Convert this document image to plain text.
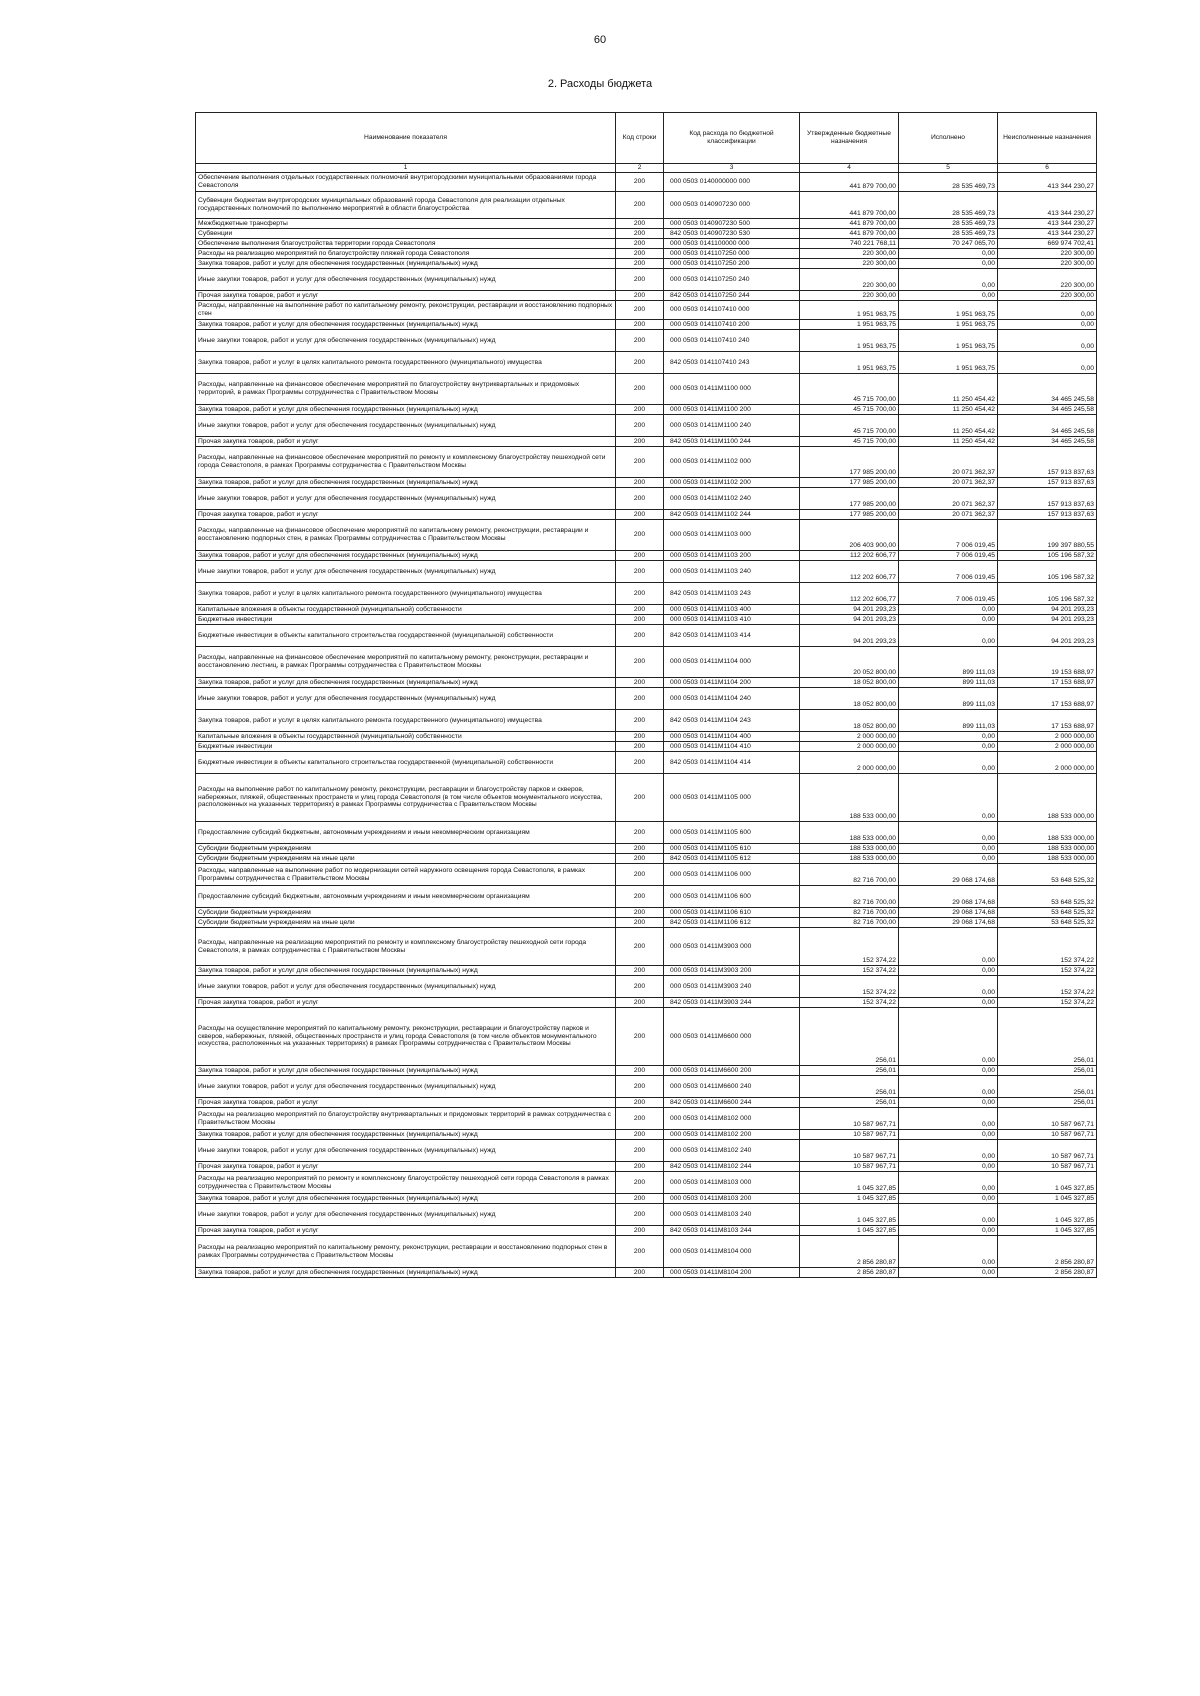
60
2. Расходы бюджета
Наименование показателя	Код строки	Код расхода по бюджетной классификации	Утвержденные бюджетные назначения	Исполнено	Неисполненные назначения
1	2	3	4	5	6
Обеспечение выполнения отдельных государственных полномочий внутригородскими муниципальными образованиями города Севастополя	200	000 0503 0140000000 000	441 879 700,00	28 535 469,73	413 344 230,27
Субвенции бюджетам внутригородских муниципальных образований города Севастополя для реализации отдельных государственных полномочий по выполнению мероприятий в области благоустройства	200	000 0503 0140907230 000	441 879 700,00	28 535 469,73	413 344 230,27
Межбюджетные трансферты	200	000 0503 0140907230 500	441 879 700,00	28 535 469,73	413 344 230,27
Субвенции	200	842 0503 0140907230 530	441 879 700,00	28 535 469,73	413 344 230,27
Обеспечение выполнения благоустройства территории города Севастополя	200	000 0503 0141100000 000	740 221 768,11	70 247 065,70	669 974 702,41
Расходы на реализацию мероприятий по благоустройству пляжей города Севастополя	200	000 0503 0141107250 000	220 300,00	0,00	220 300,00
Закупка товаров, работ и услуг для обеспечения государственных (муниципальных) нужд	200	000 0503 0141107250 200	220 300,00	0,00	220 300,00
Иные закупки товаров, работ и услуг для обеспечения государственных (муниципальных) нужд	200	000 0503 0141107250 240	220 300,00	0,00	220 300,00
Прочая закупка товаров, работ и услуг	200	842 0503 0141107250 244	220 300,00	0,00	220 300,00
Расходы, направленные на выполнение работ по капитальному ремонту, реконструкции, реставрации и восстановлению подпорных стен	200	000 0503 0141107410 000	1 951 963,75	1 951 963,75	0,00
Закупка товаров, работ и услуг для обеспечения государственных (муниципальных) нужд	200	000 0503 0141107410 200	1 951 963,75	1 951 963,75	0,00
Иные закупки товаров, работ и услуг для обеспечения государственных (муниципальных) нужд	200	000 0503 0141107410 240	1 951 963,75	1 951 963,75	0,00
Закупка товаров, работ и услуг в целях капитального ремонта государственного (муниципального) имущества	200	842 0503 0141107410 243	1 951 963,75	1 951 963,75	0,00
Расходы, направленные на финансовое обеспечение мероприятий по благоустройству внутриквартальных и придомовых территорий, в рамках Программы сотрудничества с Правительством Москвы	200	000 0503 01411М1100 000	45 715 700,00	11 250 454,42	34 465 245,58
Закупка товаров, работ и услуг для обеспечения государственных (муниципальных) нужд	200	000 0503 01411М1100 200	45 715 700,00	11 250 454,42	34 465 245,58
Иные закупки товаров, работ и услуг для обеспечения государственных (муниципальных) нужд	200	000 0503 01411М1100 240	45 715 700,00	11 250 454,42	34 465 245,58
Прочая закупка товаров, работ и услуг	200	842 0503 01411М1100 244	45 715 700,00	11 250 454,42	34 465 245,58
Расходы, направленные на финансовое обеспечение мероприятий по ремонту и комплексному благоустройству пешеходной сети города Севастополя, в рамках Программы сотрудничества с Правительством Москвы	200	000 0503 01411М1102 000	177 985 200,00	20 071 362,37	157 913 837,63
Закупка товаров, работ и услуг для обеспечения государственных (муниципальных) нужд	200	000 0503 01411М1102 200	177 985 200,00	20 071 362,37	157 913 837,63
Иные закупки товаров, работ и услуг для обеспечения государственных (муниципальных) нужд	200	000 0503 01411М1102 240	177 985 200,00	20 071 362,37	157 913 837,63
Прочая закупка товаров, работ и услуг	200	842 0503 01411М1102 244	177 985 200,00	20 071 362,37	157 913 837,63
Расходы, направленные на финансовое обеспечение мероприятий по капитальному ремонту, реконструкции, реставрации и восстановлению подпорных стен, в рамках Программы сотрудничества с Правительством Москвы	200	000 0503 01411М1103 000	206 403 900,00	7 006 019,45	199 397 880,55
Закупка товаров, работ и услуг для обеспечения государственных (муниципальных) нужд	200	000 0503 01411М1103 200	112 202 606,77	7 006 019,45	105 196 587,32
Иные закупки товаров, работ и услуг для обеспечения государственных (муниципальных) нужд	200	000 0503 01411М1103 240	112 202 606,77	7 006 019,45	105 196 587,32
Закупка товаров, работ и услуг в целях капитального ремонта государственного (муниципального) имущества	200	842 0503 01411М1103 243	112 202 606,77	7 006 019,45	105 196 587,32
Капитальные вложения в объекты государственной (муниципальной) собственности	200	000 0503 01411М1103 400	94 201 293,23	0,00	94 201 293,23
Бюджетные инвестиции	200	000 0503 01411М1103 410	94 201 293,23	0,00	94 201 293,23
Бюджетные инвестиции в объекты капитального строительства государственной (муниципальной) собственности	200	842 0503 01411М1103 414	94 201 293,23	0,00	94 201 293,23
Расходы, направленные на финансовое обеспечение мероприятий по капитальному ремонту, реконструкции, реставрации и восстановлению лестниц, в рамках Программы сотрудничества с Правительством Москвы	200	000 0503 01411М1104 000	20 052 800,00	899 111,03	19 153 688,97
Закупка товаров, работ и услуг для обеспечения государственных (муниципальных) нужд	200	000 0503 01411М1104 200	18 052 800,00	899 111,03	17 153 688,97
Иные закупки товаров, работ и услуг для обеспечения государственных (муниципальных) нужд	200	000 0503 01411М1104 240	18 052 800,00	899 111,03	17 153 688,97
Закупка товаров, работ и услуг в целях капитального ремонта государственного (муниципального) имущества	200	842 0503 01411М1104 243	18 052 800,00	899 111,03	17 153 688,97
Капитальные вложения в объекты государственной (муниципальной) собственности	200	000 0503 01411М1104 400	2 000 000,00	0,00	2 000 000,00
Бюджетные инвестиции	200	000 0503 01411М1104 410	2 000 000,00	0,00	2 000 000,00
Бюджетные инвестиции в объекты капитального строительства государственной (муниципальной) собственности	200	842 0503 01411М1104 414	2 000 000,00	0,00	2 000 000,00
Расходы на выполнение работ по капитальному ремонту, реконструкции, реставрации и благоустройству парков и скверов, набережных, пляжей, общественных пространств и улиц города Севастополя (в том числе объектов монументального искусства, расположенных на указанных территориях) в рамках Программы сотрудничества с Правительством Москвы	200	000 0503 01411М1105 000	188 533 000,00	0,00	188 533 000,00
Предоставление субсидий бюджетным, автономным учреждениям и иным некоммерческим организациям	200	000 0503 01411М1105 600	188 533 000,00	0,00	188 533 000,00
Субсидии бюджетным учреждениям	200	000 0503 01411М1105 610	188 533 000,00	0,00	188 533 000,00
Субсидии бюджетным учреждениям на иные цели	200	842 0503 01411М1105 612	188 533 000,00	0,00	188 533 000,00
Расходы, направленные на выполнение работ по модернизации сетей наружного освещения города Севастополя, в рамках Программы сотрудничества с Правительством Москвы	200	000 0503 01411М1106 000	82 716 700,00	29 068 174,68	53 648 525,32
Предоставление субсидий бюджетным, автономным учреждениям и иным некоммерческим организациям	200	000 0503 01411М1106 600	82 716 700,00	29 068 174,68	53 648 525,32
Субсидии бюджетным учреждениям	200	000 0503 01411М1106 610	82 716 700,00	29 068 174,68	53 648 525,32
Субсидии бюджетным учреждениям на иные цели	200	842 0503 01411М1106 612	82 716 700,00	29 068 174,68	53 648 525,32
Расходы, направленные на реализацию мероприятий по ремонту и комплексному благоустройству пешеходной сети города Севастополя, в рамках сотрудничества с Правительством Москвы	200	000 0503 01411М3903 000	152 374,22	0,00	152 374,22
Закупка товаров, работ и услуг для обеспечения государственных (муниципальных) нужд	200	000 0503 01411М3903 200	152 374,22	0,00	152 374,22
Иные закупки товаров, работ и услуг для обеспечения государственных (муниципальных) нужд	200	000 0503 01411М3903 240	152 374,22	0,00	152 374,22
Прочая закупка товаров, работ и услуг	200	842 0503 01411М3903 244	152 374,22	0,00	152 374,22
Расходы на осуществление мероприятий по капитальному ремонту, реконструкции, реставрации и благоустройству парков и скверов, набережных, пляжей, общественных пространств и улиц города Севастополя (в том числе объектов монументального искусства, расположенных на указанных территориях) в рамках Программы сотрудничества с Правительством Москвы	200	000 0503 01411М6600 000	256,01	0,00	256,01
Закупка товаров, работ и услуг для обеспечения государственных (муниципальных) нужд	200	000 0503 01411М6600 200	256,01	0,00	256,01
Иные закупки товаров, работ и услуг для обеспечения государственных (муниципальных) нужд	200	000 0503 01411М6600 240	256,01	0,00	256,01
Прочая закупка товаров, работ и услуг	200	842 0503 01411М6600 244	256,01	0,00	256,01
Расходы на реализацию мероприятий по благоустройству внутриквартальных и придомовых территорий в рамках сотрудничества с Правительством Москвы	200	000 0503 01411М8102 000	10 587 967,71	0,00	10 587 967,71
Закупка товаров, работ и услуг для обеспечения государственных (муниципальных) нужд	200	000 0503 01411М8102 200	10 587 967,71	0,00	10 587 967,71
Иные закупки товаров, работ и услуг для обеспечения государственных (муниципальных) нужд	200	000 0503 01411М8102 240	10 587 967,71	0,00	10 587 967,71
Прочая закупка товаров, работ и услуг	200	842 0503 01411М8102 244	10 587 967,71	0,00	10 587 967,71
Расходы на реализацию мероприятий по ремонту и комплексному благоустройству пешеходной сети города Севастополя в рамках сотрудничества с Правительством Москвы	200	000 0503 01411М8103 000	1 045 327,85	0,00	1 045 327,85
Закупка товаров, работ и услуг для обеспечения государственных (муниципальных) нужд	200	000 0503 01411М8103 200	1 045 327,85	0,00	1 045 327,85
Иные закупки товаров, работ и услуг для обеспечения государственных (муниципальных) нужд	200	000 0503 01411М8103 240	1 045 327,85	0,00	1 045 327,85
Прочая закупка товаров, работ и услуг	200	842 0503 01411М8103 244	1 045 327,85	0,00	1 045 327,85
Расходы на реализацию мероприятий по капитальному ремонту, реконструкции, реставрации и восстановлению подпорных стен в рамках Программы сотрудничества с Правительством Москвы	200	000 0503 01411М8104 000	2 856 280,87	0,00	2 856 280,87
Закупка товаров, работ и услуг для обеспечения государственных (муниципальных) нужд	200	000 0503 01411М8104 200	2 856 280,87	0,00	2 856 280,87
